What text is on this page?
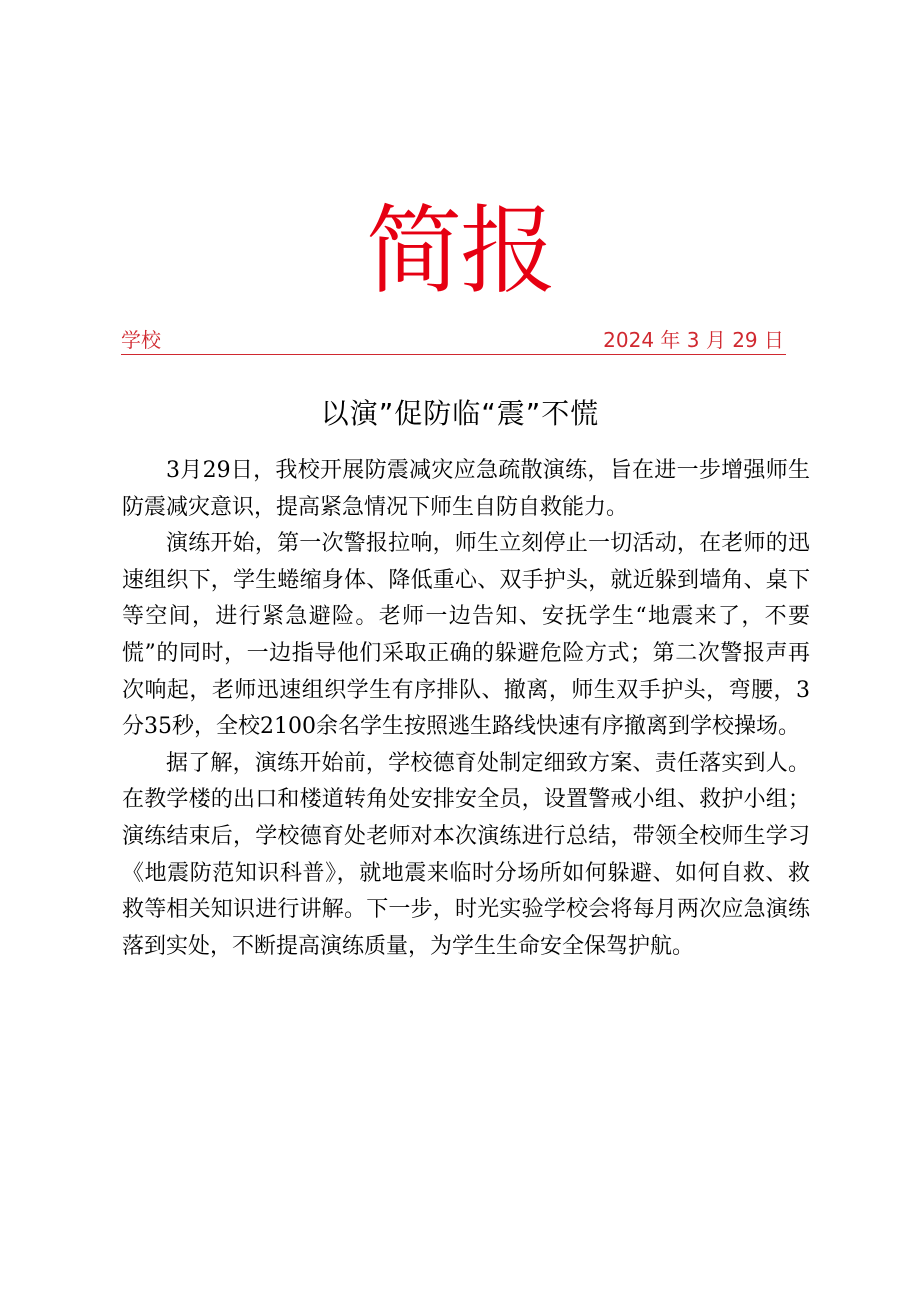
简报
学校	2024 年 3 月 29 日
以演”促防临“震”不慌

3月29日，我校开展防震减灾应急疏散演练，旨在进一步增强师生防震减灾意识，提高紧急情况下师生自防自救能力。

演练开始，第一次警报拉响，师生立刻停止一切活动，在老师的迅速组织下，学生蜷缩身体、降低重心、双手护头，就近躲到墙角、桌下等空间，进行紧急避险。老师一边告知、安抚学生“地震来了，不要慌”的同时，一边指导他们采取正确的躲避危险方式；第二次警报声再次响起，老师迅速组织学生有序排队、撤离，师生双手护头，弯腰，3分35秒，全校2100余名学生按照逃生路线快速有序撤离到学校操场。

据了解，演练开始前，学校德育处制定细致方案、责任落实到人。在教学楼的出口和楼道转角处安排安全员，设置警戒小组、救护小组；演练结束后，学校德育处老师对本次演练进行总结，带领全校师生学习《地震防范知识科普》，就地震来临时分场所如何躲避、如何自救、救救等相关知识进行讲解。下一步，时光实验学校会将每月两次应急演练落到实处，不断提高演练质量，为学生生命安全保驾护航。
